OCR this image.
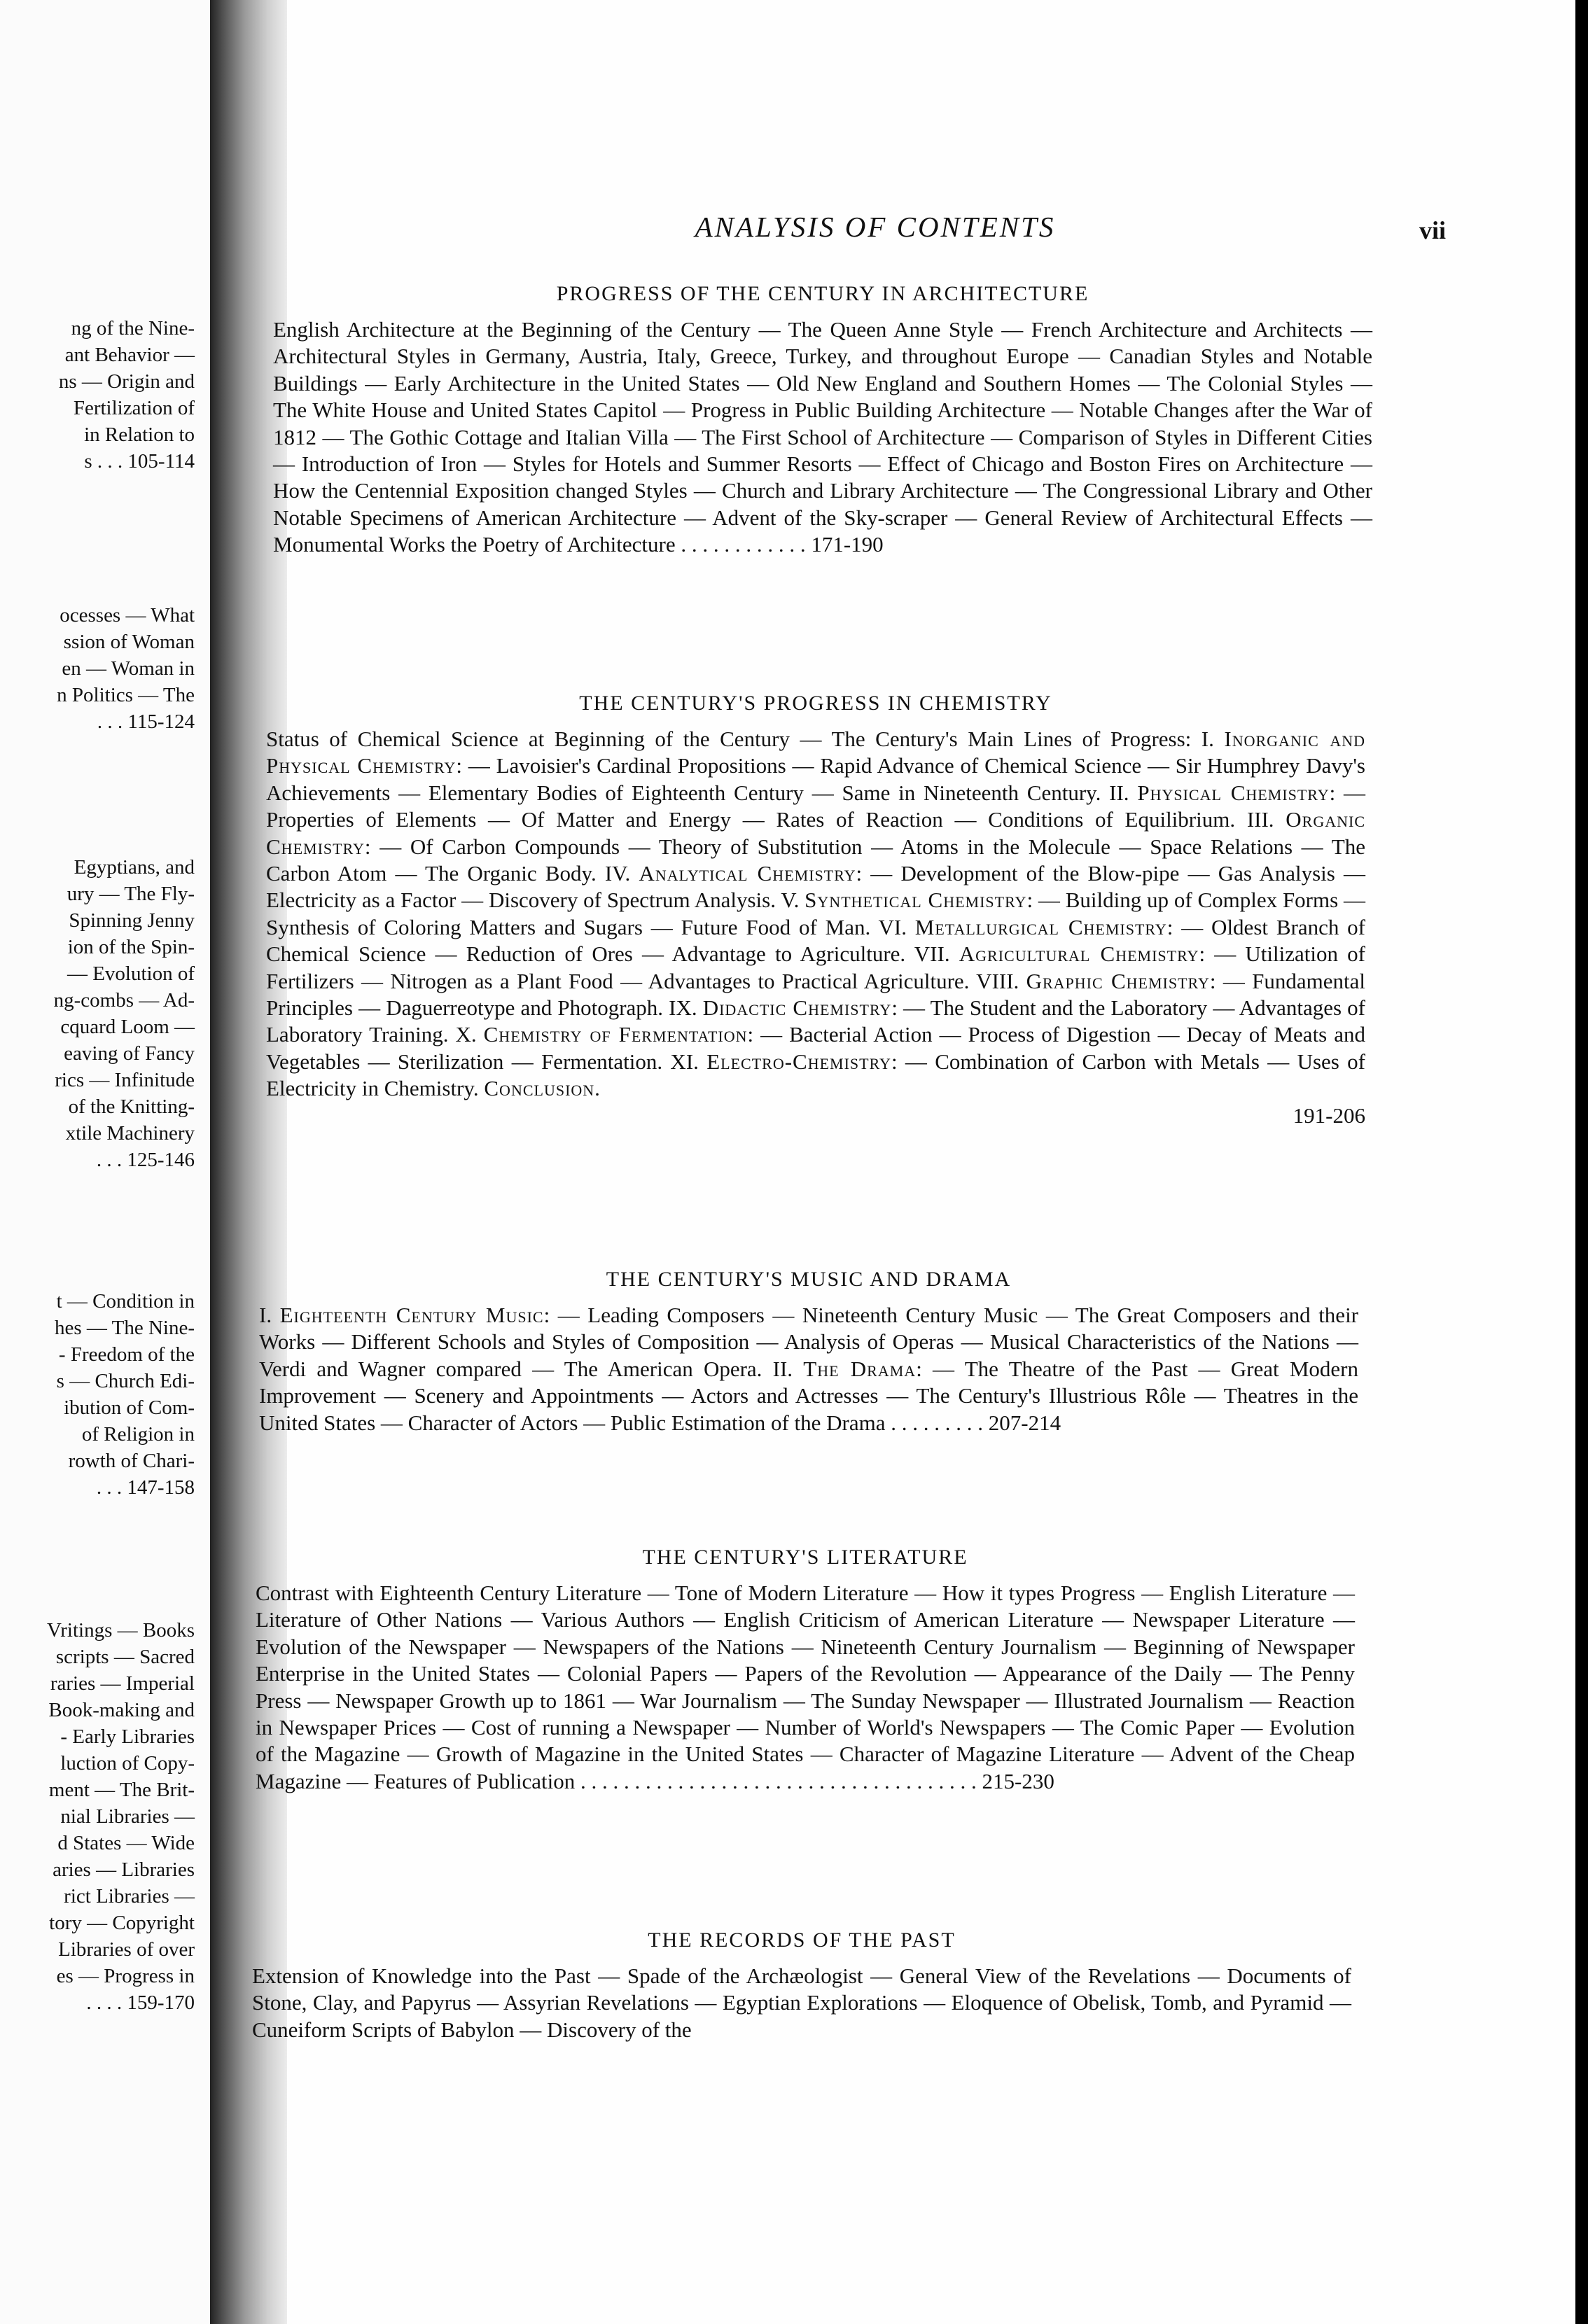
ng of the Nine-
ant Behavior —
ns — Origin and
Fertilization of
in Relation to
s . . . 105-114
ocesses — What
ssion of Woman
en — Woman in
n Politics — The
. . . 115-124
Egyptians, and
ury — The Fly-
Spinning Jenny
ion of the Spin-
— Evolution of
ng-combs — Ad-
cquard Loom —
eaving of Fancy
rics — Infinitude
of the Knitting-
xtile Machinery
. . . 125-146
t — Condition in
hes — The Nine-
- Freedom of the
s — Church Edi-
ibution of Com-
of Religion in
rowth of Chari-
. . . 147-158
Vritings — Books
scripts — Sacred
raries — Imperial
Book-making and
- Early Libraries
luction of Copy-
ment — The Brit-
nial Libraries —
d States — Wide
aries — Libraries
rict Libraries —
tory — Copyright
Libraries of over
es — Progress in
. . . . 159-170
ANALYSIS OF CONTENTS	vii
PROGRESS OF THE CENTURY IN ARCHITECTURE
English Architecture at the Beginning of the Century — The Queen Anne Style — French Architecture and Architects — Architectural Styles in Germany, Austria, Italy, Greece, Turkey, and throughout Europe — Canadian Styles and Notable Buildings — Early Architecture in the United States — Old New England and Southern Homes — The Colonial Styles — The White House and United States Capitol — Progress in Public Building Architecture — Notable Changes after the War of 1812 — The Gothic Cottage and Italian Villa — The First School of Architecture — Comparison of Styles in Different Cities — Introduction of Iron — Styles for Hotels and Summer Resorts — Effect of Chicago and Boston Fires on Architecture — How the Centennial Exposition changed Styles — Church and Library Architecture — The Congressional Library and Other Notable Specimens of American Architecture — Advent of the Sky-scraper — General Review of Architectural Effects — Monumental Works the Poetry of Architecture . . . . . . . . . . . . 171-190
THE CENTURY'S PROGRESS IN CHEMISTRY
Status of Chemical Science at Beginning of the Century — The Century's Main Lines of Progress: I. Inorganic and Physical Chemistry: — Lavoisier's Cardinal Propositions — Rapid Advance of Chemical Science — Sir Humphrey Davy's Achievements — Elementary Bodies of Eighteenth Century — Same in Nineteenth Century. II. Physical Chemistry: — Properties of Elements — Of Matter and Energy — Rates of Reaction — Conditions of Equilibrium. III. Organic Chemistry: — Of Carbon Compounds — Theory of Substitution — Atoms in the Molecule — Space Relations — The Carbon Atom — The Organic Body. IV. Analytical Chemistry: — Development of the Blow-pipe — Gas Analysis — Electricity as a Factor — Discovery of Spectrum Analysis. V. Synthetical Chemistry: — Building up of Complex Forms — Synthesis of Coloring Matters and Sugars — Future Food of Man. VI. Metallurgical Chemistry: — Oldest Branch of Chemical Science — Reduction of Ores — Advantage to Agriculture. VII. Agricultural Chemistry: — Utilization of Fertilizers — Nitrogen as a Plant Food — Advantages to Practical Agriculture. VIII. Graphic Chemistry: — Fundamental Principles — Daguerreotype and Photograph. IX. Didactic Chemistry: — The Student and the Laboratory — Advantages of Laboratory Training. X. Chemistry of Fermentation: — Bacterial Action — Process of Digestion — Decay of Meats and Vegetables — Sterilization — Fermentation. XI. Electro-Chemistry: — Combination of Carbon with Metals — Uses of Electricity in Chemistry. Conclusion.
191-206
THE CENTURY'S MUSIC AND DRAMA
I. Eighteenth Century Music: — Leading Composers — Nineteenth Century Music — The Great Composers and their Works — Different Schools and Styles of Composition — Analysis of Operas — Musical Characteristics of the Nations — Verdi and Wagner compared — The American Opera. II. The Drama: — The Theatre of the Past — Great Modern Improvement — Scenery and Appointments — Actors and Actresses — The Century's Illustrious Rôle — Theatres in the United States — Character of Actors — Public Estimation of the Drama . . . . . . . . . 207-214
THE CENTURY'S LITERATURE
Contrast with Eighteenth Century Literature — Tone of Modern Literature — How it types Progress — English Literature — Literature of Other Nations — Various Authors — English Criticism of American Literature — Newspaper Literature — Evolution of the Newspaper — Newspapers of the Nations — Nineteenth Century Journalism — Beginning of Newspaper Enterprise in the United States — Colonial Papers — Papers of the Revolution — Appearance of the Daily — The Penny Press — Newspaper Growth up to 1861 — War Journalism — The Sunday Newspaper — Illustrated Journalism — Reaction in Newspaper Prices — Cost of running a Newspaper — Number of World's Newspapers — The Comic Paper — Evolution of the Magazine — Growth of Magazine in the United States — Character of Magazine Literature — Advent of the Cheap Magazine — Features of Publication . . . . . . . . . . . . . . . . . . . . . . . . . . . . . . . . . . . . . 215-230
THE RECORDS OF THE PAST
Extension of Knowledge into the Past — Spade of the Archæologist — General View of the Revelations — Documents of Stone, Clay, and Papyrus — Assyrian Revelations — Egyptian Explorations — Eloquence of Obelisk, Tomb, and Pyramid — Cuneiform Scripts of Babylon — Discovery of the
